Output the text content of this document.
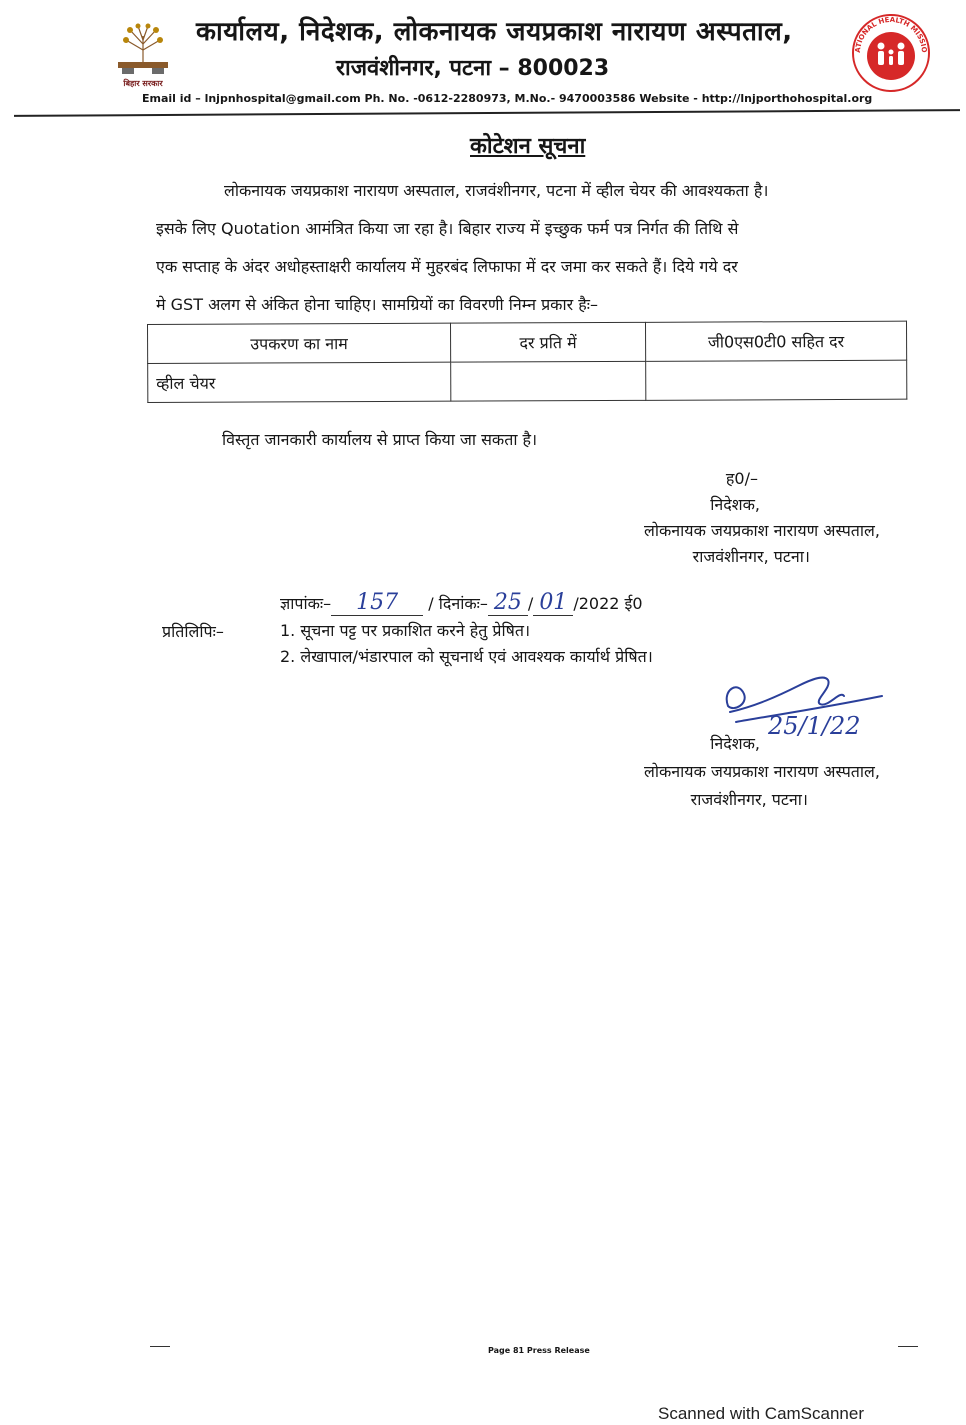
बिहार सरकार
कार्यालय, निदेशक, लोकनायक जयप्रकाश नारायण अस्पताल,
राजवंशीनगर, पटना – 800023
ATIONAL HEALTH MISSIO
Email id – lnjpnhospital@gmail.com Ph. No. -0612-2280973, M.No.- 9470003586 Website - http://lnjporthohospital.org
कोटेशन सूचना
लोकनायक जयप्रकाश नारायण अस्पताल, राजवंशीनगर, पटना में व्हील चेयर की आवश्यकता है।
इसके लिए Quotation आमंत्रित किया जा रहा है। बिहार राज्य में इच्छुक फर्म पत्र निर्गत की तिथि से
एक सप्ताह के अंदर अधोहस्ताक्षरी कार्यालय में मुहरबंद लिफाफा में दर जमा कर सकते हैं। दिये गये दर
मे GST अलग से अंकित होना चाहिए। सामग्रियों का विवरणी निम्न प्रकार हैः–
उपकरण का नाम	दर प्रति में	जी0एस0टी0 सहित दर
व्हील चेयर		
विस्तृत जानकारी कार्यालय से प्राप्त किया जा सकता है।
ह0/–
निदेशक,
लोकनायक जयप्रकाश नारायण अस्पताल,
राजवंशीनगर, पटना।
ज्ञापांकः– 157 / दिनांकः– 25 / 01 /2022 ई0
प्रतिलिपिः–	1. सूचना पट्ट पर प्रकाशित करने हेतु प्रेषित।
2. लेखापाल/भंडारपाल को सूचनार्थ एवं आवश्यक कार्यार्थ प्रेषित।
25/1/22
निदेशक,
लोकनायक जयप्रकाश नारायण अस्पताल,
राजवंशीनगर, पटना।
Page 81 Press Release
Scanned with CamScanner
